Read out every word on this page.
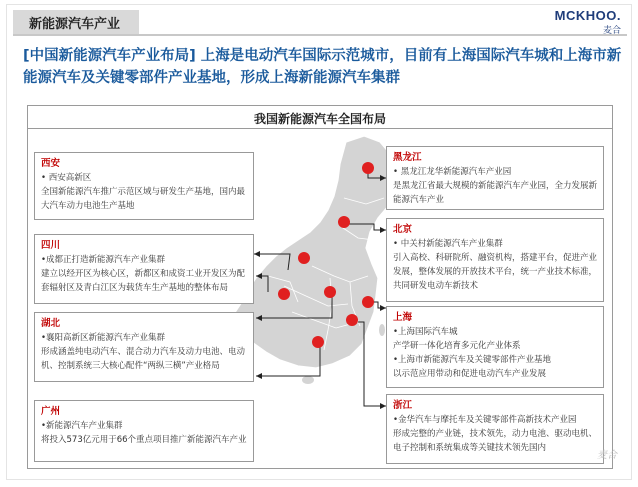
新能源汽车产业
MCKHOO.
麦合
[中国新能源汽车产业布局] 上海是电动汽车国际示范城市，目前有上海国际汽车城和上海市新能源汽车及关键零部件产业基地，形成上海新能源汽车集群
我国新能源汽车全国布局
西安
• 西安高新区
全国新能源汽车推广示范区域与研发生产基地，国内最大汽车动力电池生产基地
四川
•成都正打造新能源汽车产业集群
建立以经开区为核心区，新都区和成资工业开发区为配套辐射区及青白江区为载货车生产基地的整体布局
湖北
•襄阳高新区新能源汽车产业集群
形成涵盖纯电动汽车、混合动力汽车及动力电池、电动机、控制系统三大核心配件“两纵三横”产业格局
广州
•新能源汽车产业集群
将投入573亿元用于66个重点项目推广新能源汽车产业
黑龙江
• 黑龙江龙华新能源汽车产业园
是黑龙江省最大规模的新能源汽车产业园，全力发展新能源汽车产业
北京
• 中关村新能源汽车产业集群
引入高校、科研院所、融资机构，搭建平台，促进产业发展，整体发展的开放技术平台，统一产业技术标准，共同研发电动车新技术
上海
•上海国际汽车城
产学研一体化培育多元化产业体系
•上海市新能源汽车及关键零部件产业基地
以示范应用带动和促进电动汽车产业发展
浙江
•金华汽车与摩托车及关键零部件高新技术产业园
形成完整的产业链，技术领先，动力电池、驱动电机、电子控制和系统集成等关键技术领先国内
麦合
